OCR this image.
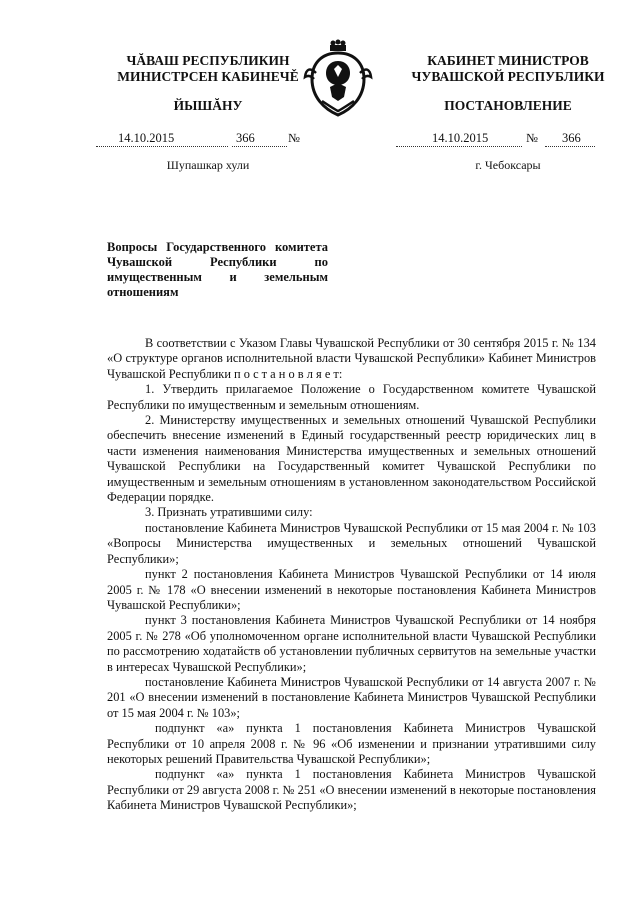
ЧĂВАШ РЕСПУБЛИКИН
МИНИСТРСЕН КАБИНЕЧĚ
ЙЫШĂНУ
14.10.2015	366	№
Шупашкар хули
КАБИНЕТ МИНИСТРОВ
ЧУВАШСКОЙ РЕСПУБЛИКИ
ПОСТАНОВЛЕНИЕ
14.10.2015	№ 366
г. Чебоксары
Вопросы Государственного комитета Чувашской Республики по имущественным и земельным отношениям

В соответствии с Указом Главы Чувашской Республики от 30 сентября 2015 г. № 134 «О структуре органов исполнительной власти Чувашской Республики» Кабинет Министров Чувашской Республики п о с т а н о в л я е т:

1. Утвердить прилагаемое Положение о Государственном комитете Чувашской Республики по имущественным и земельным отношениям.

2. Министерству имущественных и земельных отношений Чувашской Республики обеспечить внесение изменений в Единый государственный реестр юридических лиц в части изменения наименования Министерства имущественных и земельных отношений Чувашской Республики на Государственный комитет Чувашской Республики по имущественным и земельным отношениям в установленном законодательством Российской Федерации порядке.

3. Признать утратившими силу:

постановление Кабинета Министров Чувашской Республики от 15 мая 2004 г. № 103 «Вопросы Министерства имущественных и земельных отношений Чувашской Республики»;

пункт 2 постановления Кабинета Министров Чувашской Республики от 14 июля 2005 г. № 178 «О внесении изменений в некоторые постановления Кабинета Министров Чувашской Республики»;

пункт 3 постановления Кабинета Министров Чувашской Республики от 14 ноября 2005 г. № 278 «Об уполномоченном органе исполнительной власти Чувашской Республики по рассмотрению ходатайств об установлении публичных сервитутов на земельные участки в интересах Чувашской Республики»;

постановление Кабинета Министров Чувашской Республики от 14 августа 2007 г. № 201 «О внесении изменений в постановление Кабинета Министров Чувашской Республики от 15 мая 2004 г. № 103»;

подпункт «а» пункта 1 постановления Кабинета Министров Чувашской Республики от 10 апреля 2008 г. № 96 «Об изменении и признании утратившими силу некоторых решений Правительства Чувашской Республики»;

подпункт «а» пункта 1 постановления Кабинета Министров Чувашской Республики от 29 августа 2008 г. № 251 «О внесении изменений в некоторые постановления Кабинета Министров Чувашской Республики»;
